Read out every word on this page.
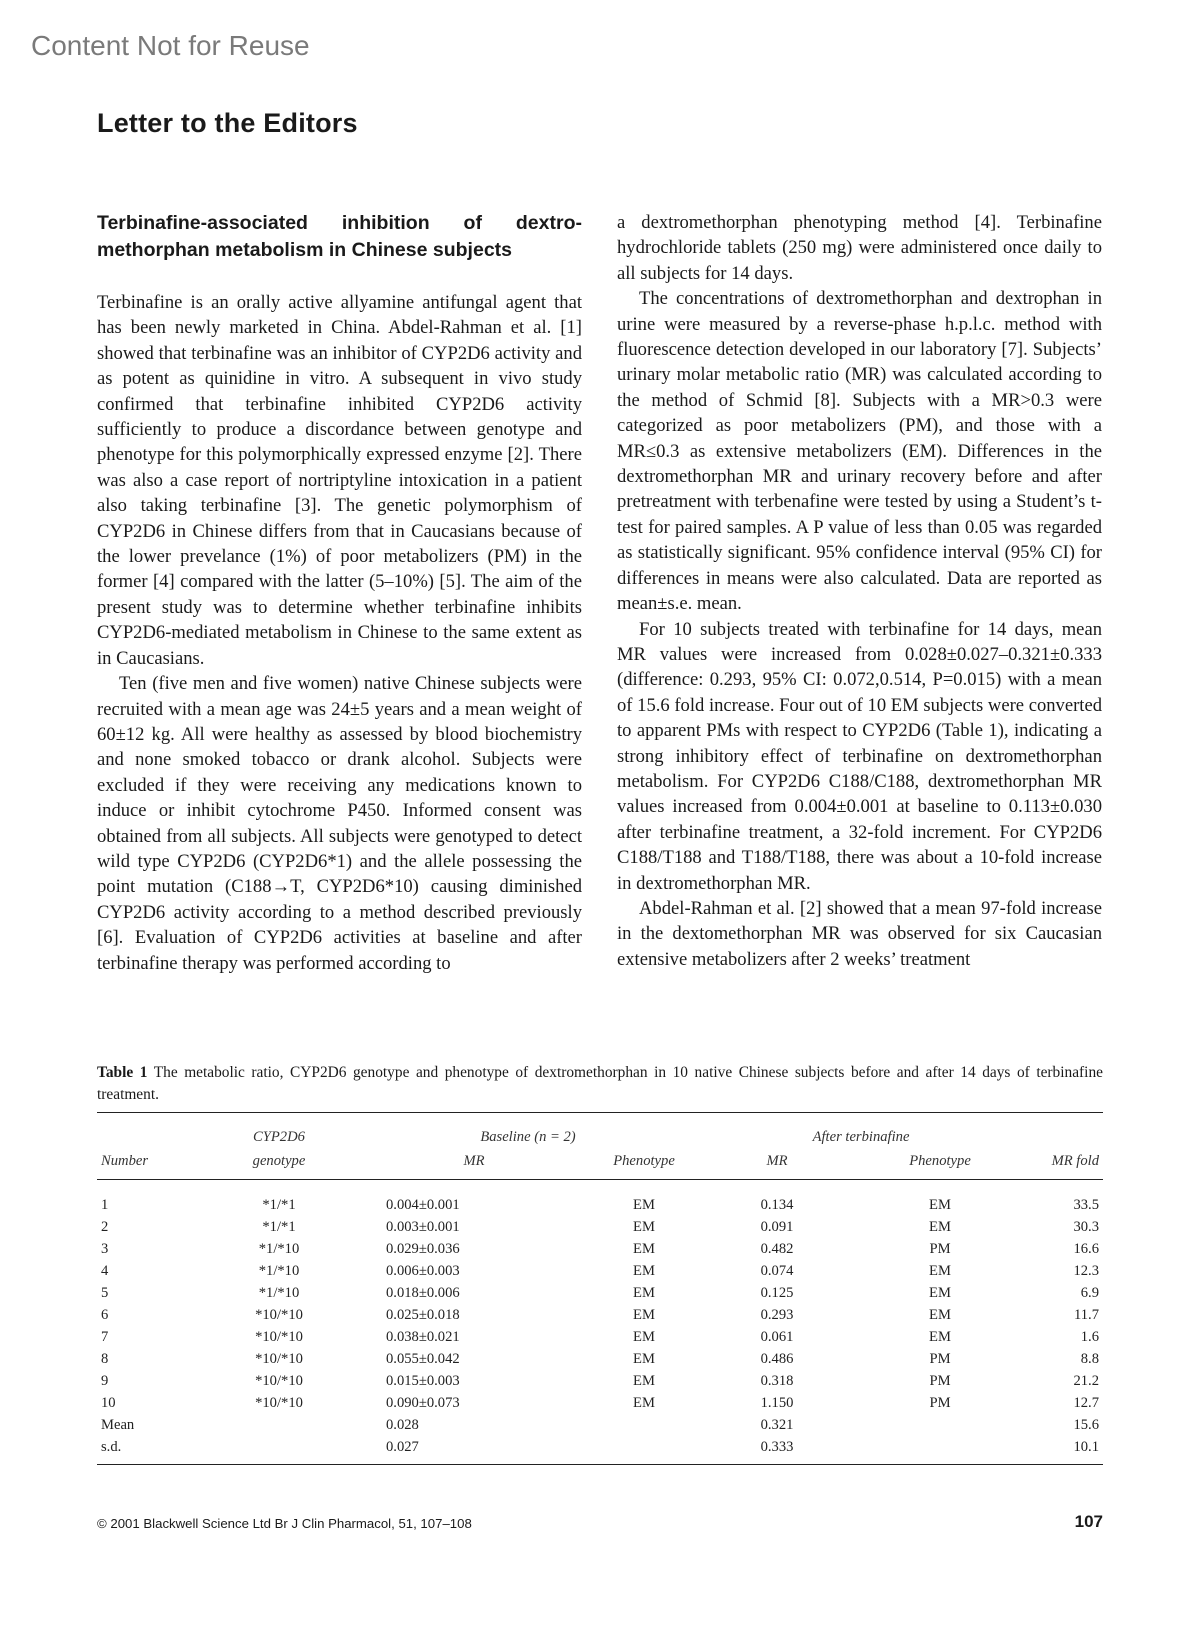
Content Not for Reuse
Letter to the Editors

Terbinafine-associated inhibition of dextromethorphan metabolism in Chinese subjects

Terbinafine is an orally active allyamine antifungal agent that has been newly marketed in China. Abdel-Rahman et al. [1] showed that terbinafine was an inhibitor of CYP2D6 activity and as potent as quinidine in vitro. A subsequent in vivo study confirmed that terbinafine inhibited CYP2D6 activity sufficiently to produce a discordance between genotype and phenotype for this polymorphically expressed enzyme [2]. There was also a case report of nortriptyline intoxication in a patient also taking terbinafine [3]. The genetic polymorphism of CYP2D6 in Chinese differs from that in Caucasians because of the lower prevelance (1%) of poor metabolizers (PM) in the former [4] compared with the latter (5–10%) [5]. The aim of the present study was to determine whether terbinafine inhibits CYP2D6-mediated metabolism in Chinese to the same extent as in Caucasians.

Ten (five men and five women) native Chinese subjects were recruited with a mean age was 24±5 years and a mean weight of 60±12 kg. All were healthy as assessed by blood biochemistry and none smoked tobacco or drank alcohol. Subjects were excluded if they were receiving any medications known to induce or inhibit cytochrome P450. Informed consent was obtained from all subjects. All subjects were genotyped to detect wild type CYP2D6 (CYP2D6*1) and the allele possessing the point mutation (C188→T, CYP2D6*10) causing diminished CYP2D6 activity according to a method described previously [6]. Evaluation of CYP2D6 activities at baseline and after terbinafine therapy was performed according to

a dextromethorphan phenotyping method [4]. Terbinafine hydrochloride tablets (250 mg) were administered once daily to all subjects for 14 days.

The concentrations of dextromethorphan and dextrophan in urine were measured by a reverse-phase h.p.l.c. method with fluorescence detection developed in our laboratory [7]. Subjects’ urinary molar metabolic ratio (MR) was calculated according to the method of Schmid [8]. Subjects with a MR>0.3 were categorized as poor metabolizers (PM), and those with a MR≤0.3 as extensive metabolizers (EM). Differences in the dextromethorphan MR and urinary recovery before and after pretreatment with terbenafine were tested by using a Student’s t-test for paired samples. A P value of less than 0.05 was regarded as statistically significant. 95% confidence interval (95% CI) for differences in means were also calculated. Data are reported as mean±s.e. mean.

For 10 subjects treated with terbinafine for 14 days, mean MR values were increased from 0.028±0.027–0.321±0.333 (difference: 0.293, 95% CI: 0.072,0.514, P=0.015) with a mean of 15.6 fold increase. Four out of 10 EM subjects were converted to apparent PMs with respect to CYP2D6 (Table 1), indicating a strong inhibitory effect of terbinafine on dextromethorphan metabolism. For CYP2D6 C188/C188, dextromethorphan MR values increased from 0.004±0.001 at baseline to 0.113±0.030 after terbinafine treatment, a 32-fold increment. For CYP2D6 C188/T188 and T188/T188, there was about a 10-fold increase in dextromethorphan MR.

Abdel-Rahman et al. [2] showed that a mean 97-fold increase in the dextomethorphan MR was observed for six Caucasian extensive metabolizers after 2 weeks’ treatment

Table 1 The metabolic ratio, CYP2D6 genotype and phenotype of dextromethorphan in 10 native Chinese subjects before and after 14 days of terbinafine treatment.
	CYP2D6	Baseline (n = 2)		After terbinafine		
Number	genotype	MR	Phenotype	MR	Phenotype	MR fold
1	*1/*1	0.004±0.001	EM	0.134	EM	33.5
2	*1/*1	0.003±0.001	EM	0.091	EM	30.3
3	*1/*10	0.029±0.036	EM	0.482	PM	16.6
4	*1/*10	0.006±0.003	EM	0.074	EM	12.3
5	*1/*10	0.018±0.006	EM	0.125	EM	6.9
6	*10/*10	0.025±0.018	EM	0.293	EM	11.7
7	*10/*10	0.038±0.021	EM	0.061	EM	1.6
8	*10/*10	0.055±0.042	EM	0.486	PM	8.8
9	*10/*10	0.015±0.003	EM	0.318	PM	21.2
10	*10/*10	0.090±0.073	EM	1.150	PM	12.7
Mean		0.028		0.321		15.6
s.d.		0.027		0.333		10.1
© 2001 Blackwell Science Ltd Br J Clin Pharmacol, 51, 107–108	107
